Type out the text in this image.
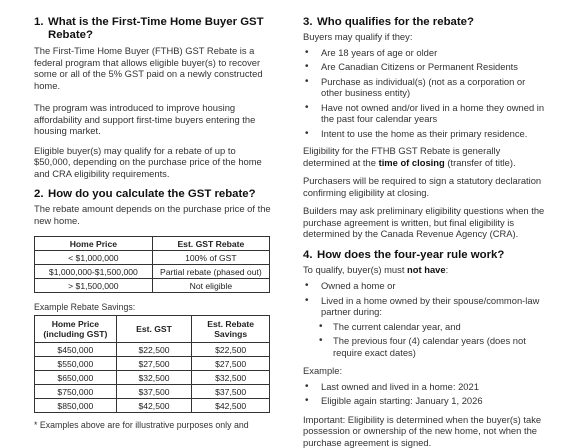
1. What is the First-Time Home Buyer GST
Rebate?

The First-Time Home Buyer (FTHB) GST Rebate is a federal program that allows eligible buyer(s) to recover some or all of the 5% GST paid on a newly constructed home.

The program was introduced to improve housing affordability and support first-time buyers entering the housing market.

Eligible buyer(s) may qualify for a rebate of up to $50,000, depending on the purchase price of the home and CRA eligibility requirements.

2. How do you calculate the GST rebate?

The rebate amount depends on the purchase price of the new home.

Home Price	Est. GST Rebate
< $1,000,000	100% of GST
$1,000,000-$1,500,000	Partial rebate (phased out)
> $1,500,000	Not eligible

Example Rebate Savings:

Home Price (including GST)	Est. GST	Est. Rebate Savings
$450,000	$22,500	$22,500
$550,000	$27,500	$27,500
$650,000	$32,500	$32,500
$750,000	$37,500	$37,500
$850,000	$42,500	$42,500

* Examples above are for illustrative purposes only and

3. Who qualifies for the rebate?

Buyers may qualify if they:

• Are 18 years of age or older
• Are Canadian Citizens or Permanent Residents
• Purchase as individual(s) (not as a corporation or other business entity)
• Have not owned and/or lived in a home they owned in the past four calendar years
• Intent to use the home as their primary residence.

Eligibility for the FTHB GST Rebate is generally determined at the time of closing (transfer of title).

Purchasers will be required to sign a statutory declaration confirming eligibility at closing.

Builders may ask preliminary eligibility questions when the purchase agreement is written, but final eligibility is determined by the Canada Revenue Agency (CRA).

4. How does the four-year rule work?

To qualify, buyer(s) must not have:

• Owned a home or
• Lived in a home owned by their spouse/common-law partner during:
• The current calendar year, and
• The previous four (4) calendar years (does not require exact dates)

Example:

• Last owned and lived in a home: 2021
• Eligible again starting: January 1, 2026

Important: Eligibility is determined when the buyer(s) take possession or ownership of the new home, not when the purchase agreement is signed.
